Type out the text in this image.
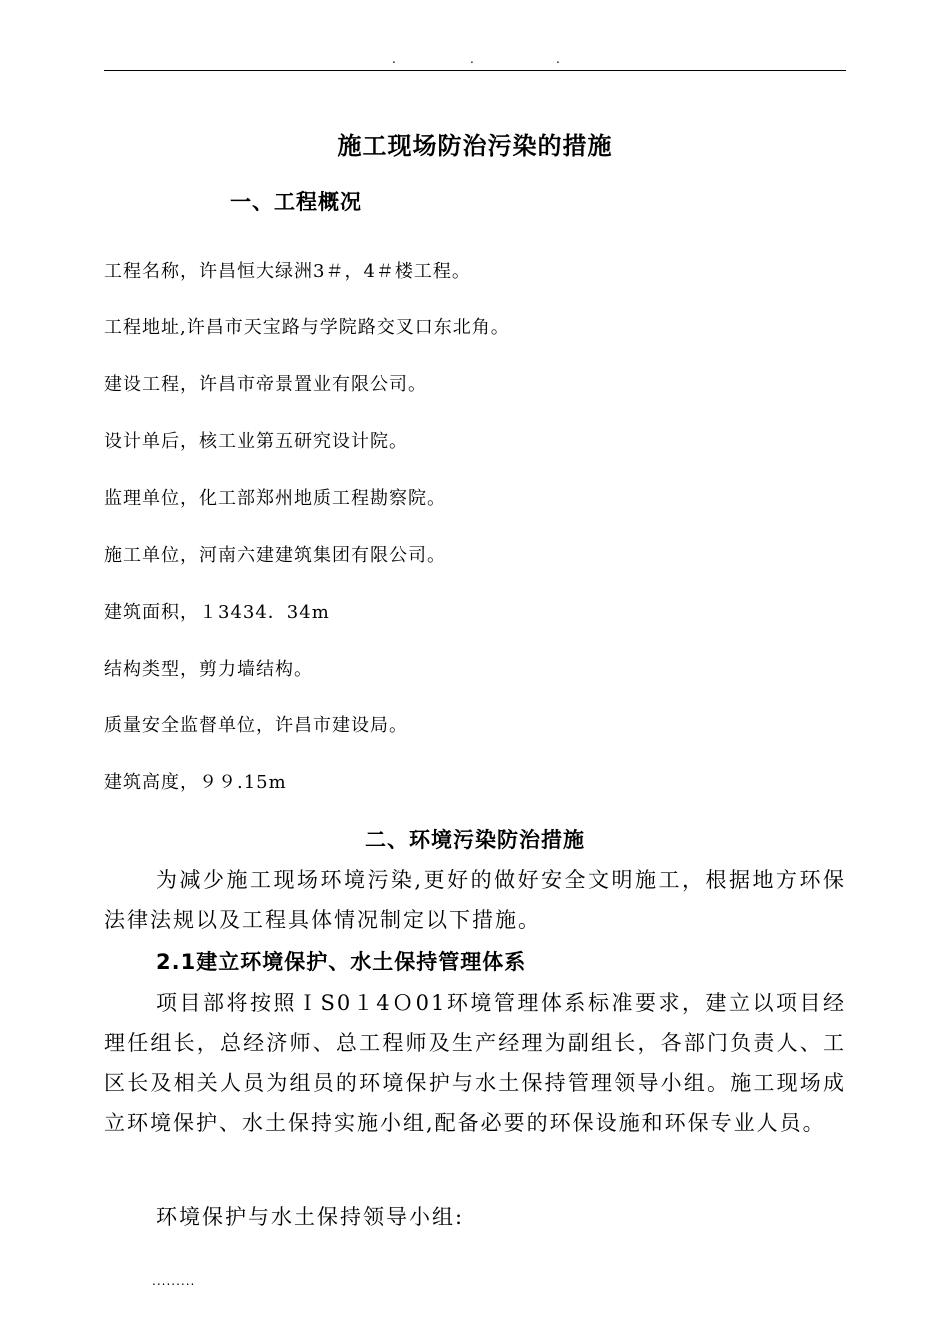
.	.	.
施工现场防治污染的措施
一、工程概况
工程名称，许昌恒大绿洲3＃，4＃楼工程。
工程地址,许昌市天宝路与学院路交叉口东北角。
建设工程，许昌市帝景置业有限公司。
设计单后，核工业第五研究设计院。
监理单位，化工部郑州地质工程勘察院。
施工单位，河南六建建筑集团有限公司。
建筑面积，１3434．34m
结构类型，剪力墙结构。
质量安全监督单位，许昌市建设局。
建筑高度，９９.15m
二、环境污染防治措施
为减少施工现场环境污染,更好的做好安全文明施工，根据地方环保法律法规以及工程具体情况制定以下措施。
2.1建立环境保护、水土保持管理体系
项目部将按照ＩS0１4Ｏ01环境管理体系标准要求，建立以项目经理任组长，总经济师、总工程师及生产经理为副组长，各部门负责人、工区长及相关人员为组员的环境保护与水土保持管理领导小组。施工现场成立环境保护、水土保持实施小组,配备必要的环保设施和环保专业人员。
环境保护与水土保持领导小组:
.........
